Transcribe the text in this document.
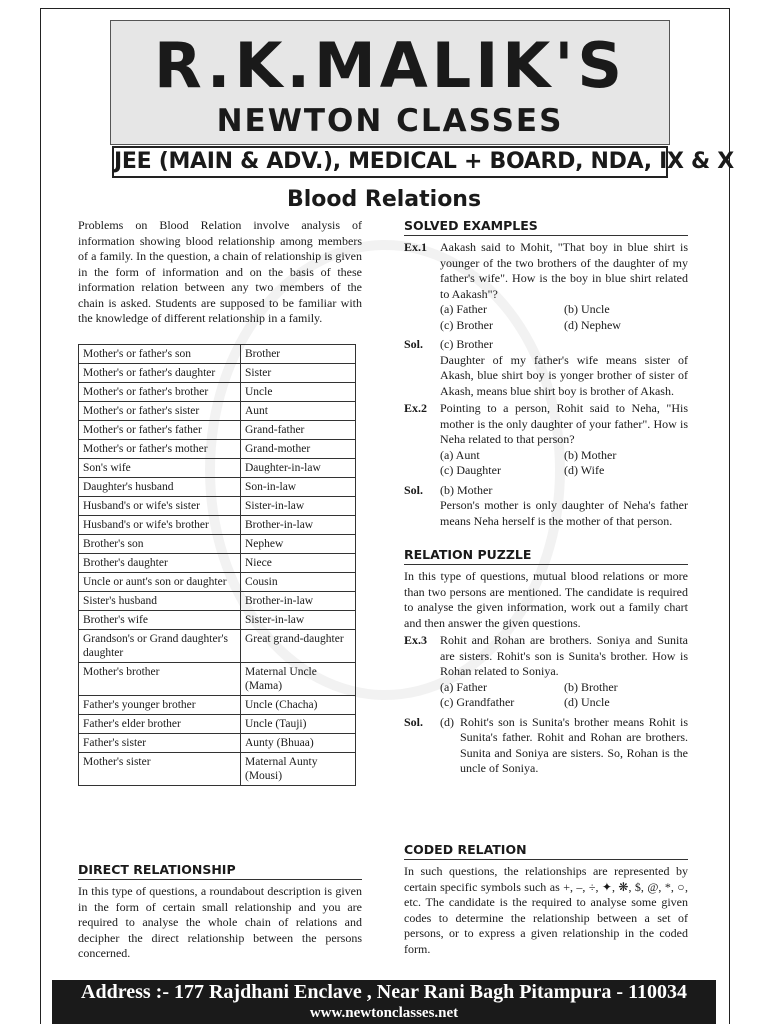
R.K.MALIK'S
NEWTON CLASSES
JEE (MAIN & ADV.), MEDICAL + BOARD, NDA, IX & X
Blood Relations

Problems on Blood Relation involve analysis of information showing blood relationship among members of a family. In the question, a chain of relationship is given in the form of information and on the basis of these information relation between any two members of the chain is asked. Students are supposed to be familiar with the knowledge of different relationship in a family.

Mother's or father's son	Brother
Mother's or father's daughter	Sister
Mother's or father's brother	Uncle
Mother's or father's sister	Aunt
Mother's or father's father	Grand-father
Mother's or father's mother	Grand-mother
Son's wife	Daughter-in-law
Daughter's husband	Son-in-law
Husband's or wife's sister	Sister-in-law
Husband's or wife's brother	Brother-in-law
Brother's son	Nephew
Brother's daughter	Niece
Uncle or aunt's son or daughter	Cousin
Sister's husband	Brother-in-law
Brother's wife	Sister-in-law
Grandson's or Grand daughter's daughter	Great grand-daughter
Mother's brother	Maternal Uncle (Mama)
Father's younger brother	Uncle (Chacha)
Father's elder brother	Uncle (Tauji)
Father's sister	Aunty (Bhuaa)
Mother's sister	Maternal Aunty (Mousi)
DIRECT RELATIONSHIP

In this type of questions, a roundabout description is given in the form of certain small relationship and you are required to analyse the whole chain of relations and decipher the direct relationship between the persons concerned.

SOLVED EXAMPLES
Ex.1 Aakash said to Mohit, "That boy in blue shirt is younger of the two brothers of the daughter of my father's wife". How is the boy in blue shirt related to Aakash"?
(a) Father	(b) Uncle
(c) Brother	(d) Nephew
Sol. (c) Brother
Daughter of my father's wife means sister of Akash, blue shirt boy is yonger brother of sister of Akash, means blue shirt boy is brother of Akash.
Ex.2 Pointing to a person, Rohit said to Neha, "His mother is the only daughter of your father". How is Neha related to that person?
(a) Aunt	(b) Mother
(c) Daughter	(d) Wife
Sol. (b) Mother
Person's mother is only daughter of Neha's father means Neha herself is the mother of that person.
RELATION PUZZLE

In this type of questions, mutual blood relations or more than two persons are mentioned. The candidate is required to analyse the given information, work out a family chart and then answer the given questions.

Ex.3 Rohit and Rohan are brothers. Soniya and Sunita are sisters. Rohit's son is Sunita's brother. How is Rohan related to Soniya.
(a) Father	(b) Brother
(c) Grandfather	(d) Uncle
Sol. (d) Rohit's son is Sunita's brother means Rohit is Sunita's father. Rohit and Rohan are brothers. Sunita and Soniya are sisters. So, Rohan is the uncle of Soniya.
CODED RELATION

In such questions, the relationships are represented by certain specific symbols such as +, –, ÷, ✦, ❋, $, @, *, ○, etc. The candidate is the required to analyse some given codes to determine the relationship between a set of persons, or to express a given relationship in the coded form.

Address :- 177 Rajdhani Enclave , Near Rani Bagh Pitampura - 110034
www.newtonclasses.net
